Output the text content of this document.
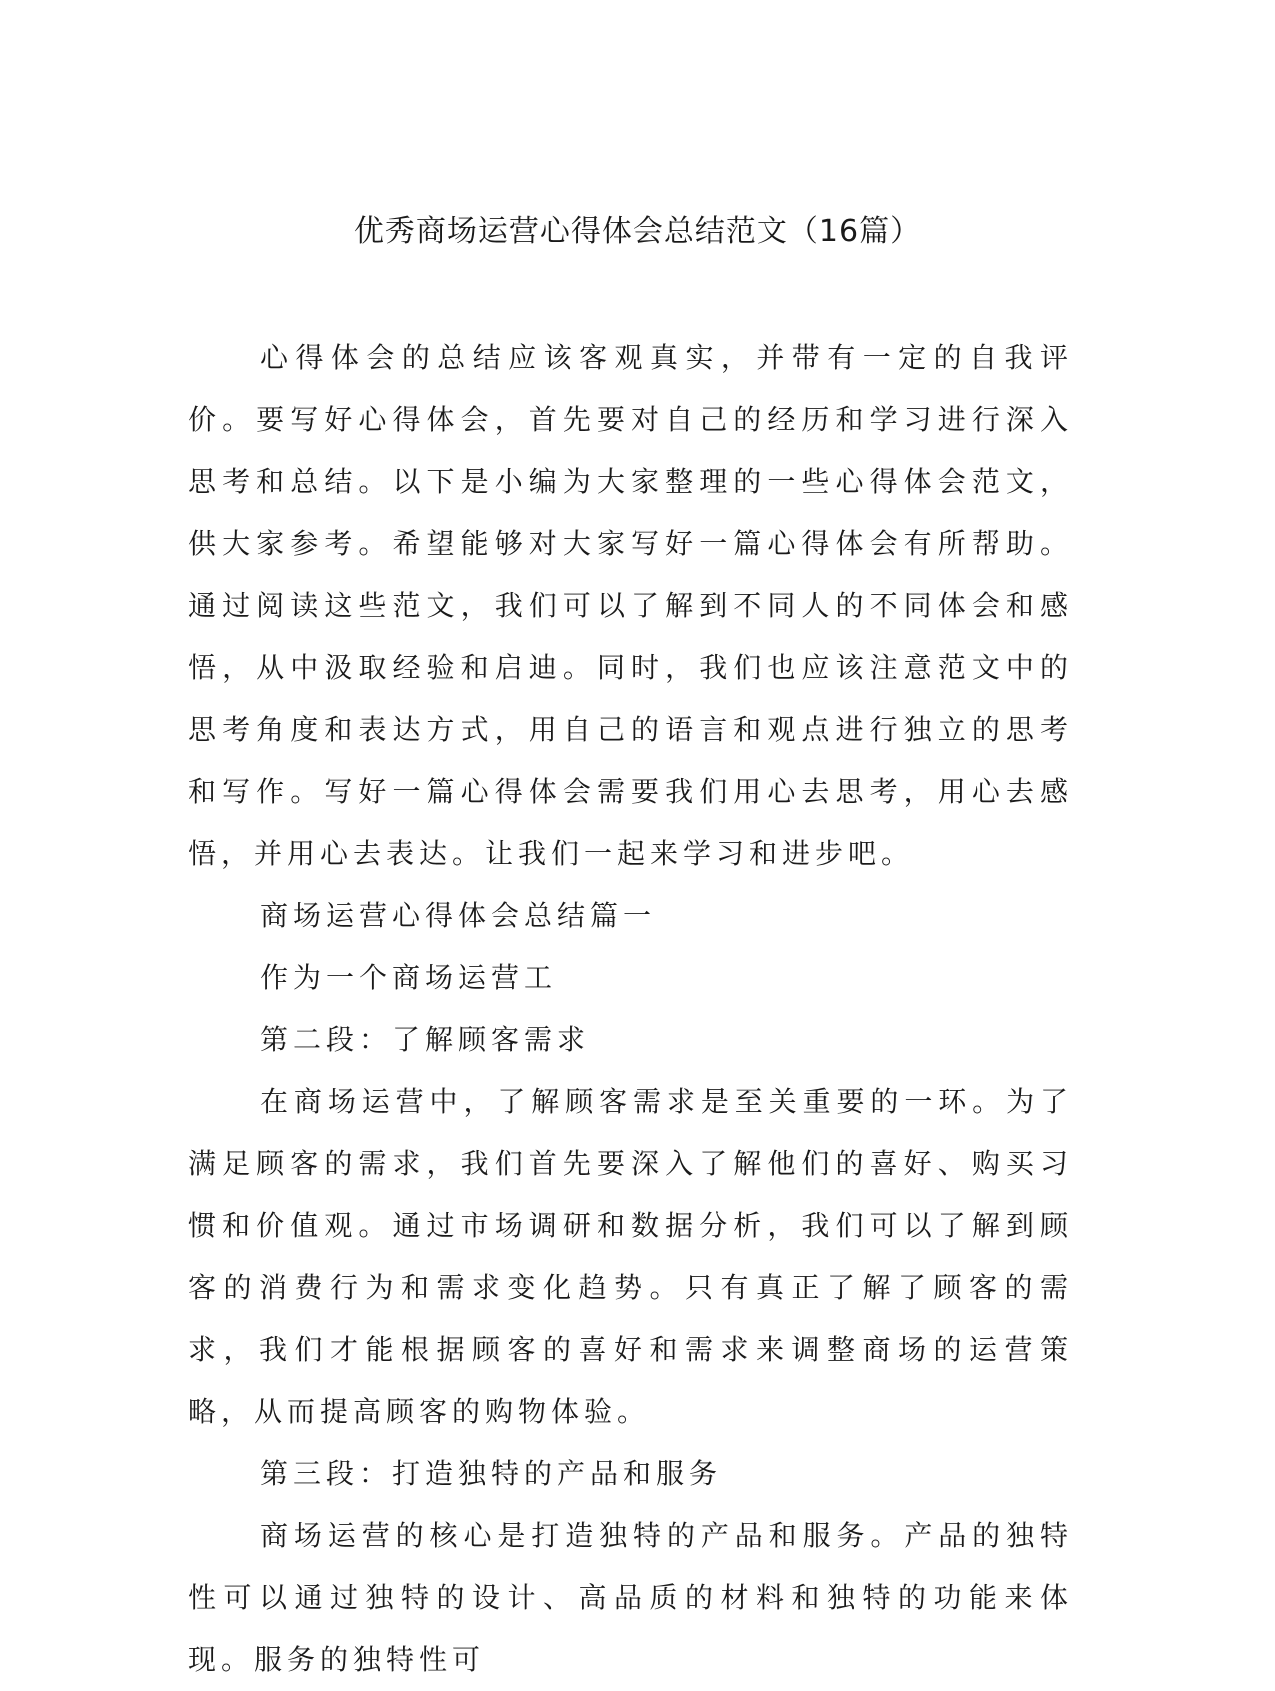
优秀商场运营心得体会总结范文（16篇）

心得体会的总结应该客观真实，并带有一定的自我评价。要写好心得体会，首先要对自己的经历和学习进行深入思考和总结。以下是小编为大家整理的一些心得体会范文，供大家参考。希望能够对大家写好一篇心得体会有所帮助。通过阅读这些范文，我们可以了解到不同人的不同体会和感悟，从中汲取经验和启迪。同时，我们也应该注意范文中的思考角度和表达方式，用自己的语言和观点进行独立的思考和写作。写好一篇心得体会需要我们用心去思考，用心去感悟，并用心去表达。让我们一起来学习和进步吧。

商场运营心得体会总结篇一

作为一个商场运营工

第二段：了解顾客需求

在商场运营中，了解顾客需求是至关重要的一环。为了满足顾客的需求，我们首先要深入了解他们的喜好、购买习惯和价值观。通过市场调研和数据分析，我们可以了解到顾客的消费行为和需求变化趋势。只有真正了解了顾客的需求，我们才能根据顾客的喜好和需求来调整商场的运营策略，从而提高顾客的购物体验。

第三段：打造独特的产品和服务

商场运营的核心是打造独特的产品和服务。产品的独特性可以通过独特的设计、高品质的材料和独特的功能来体现。服务的独特性可
